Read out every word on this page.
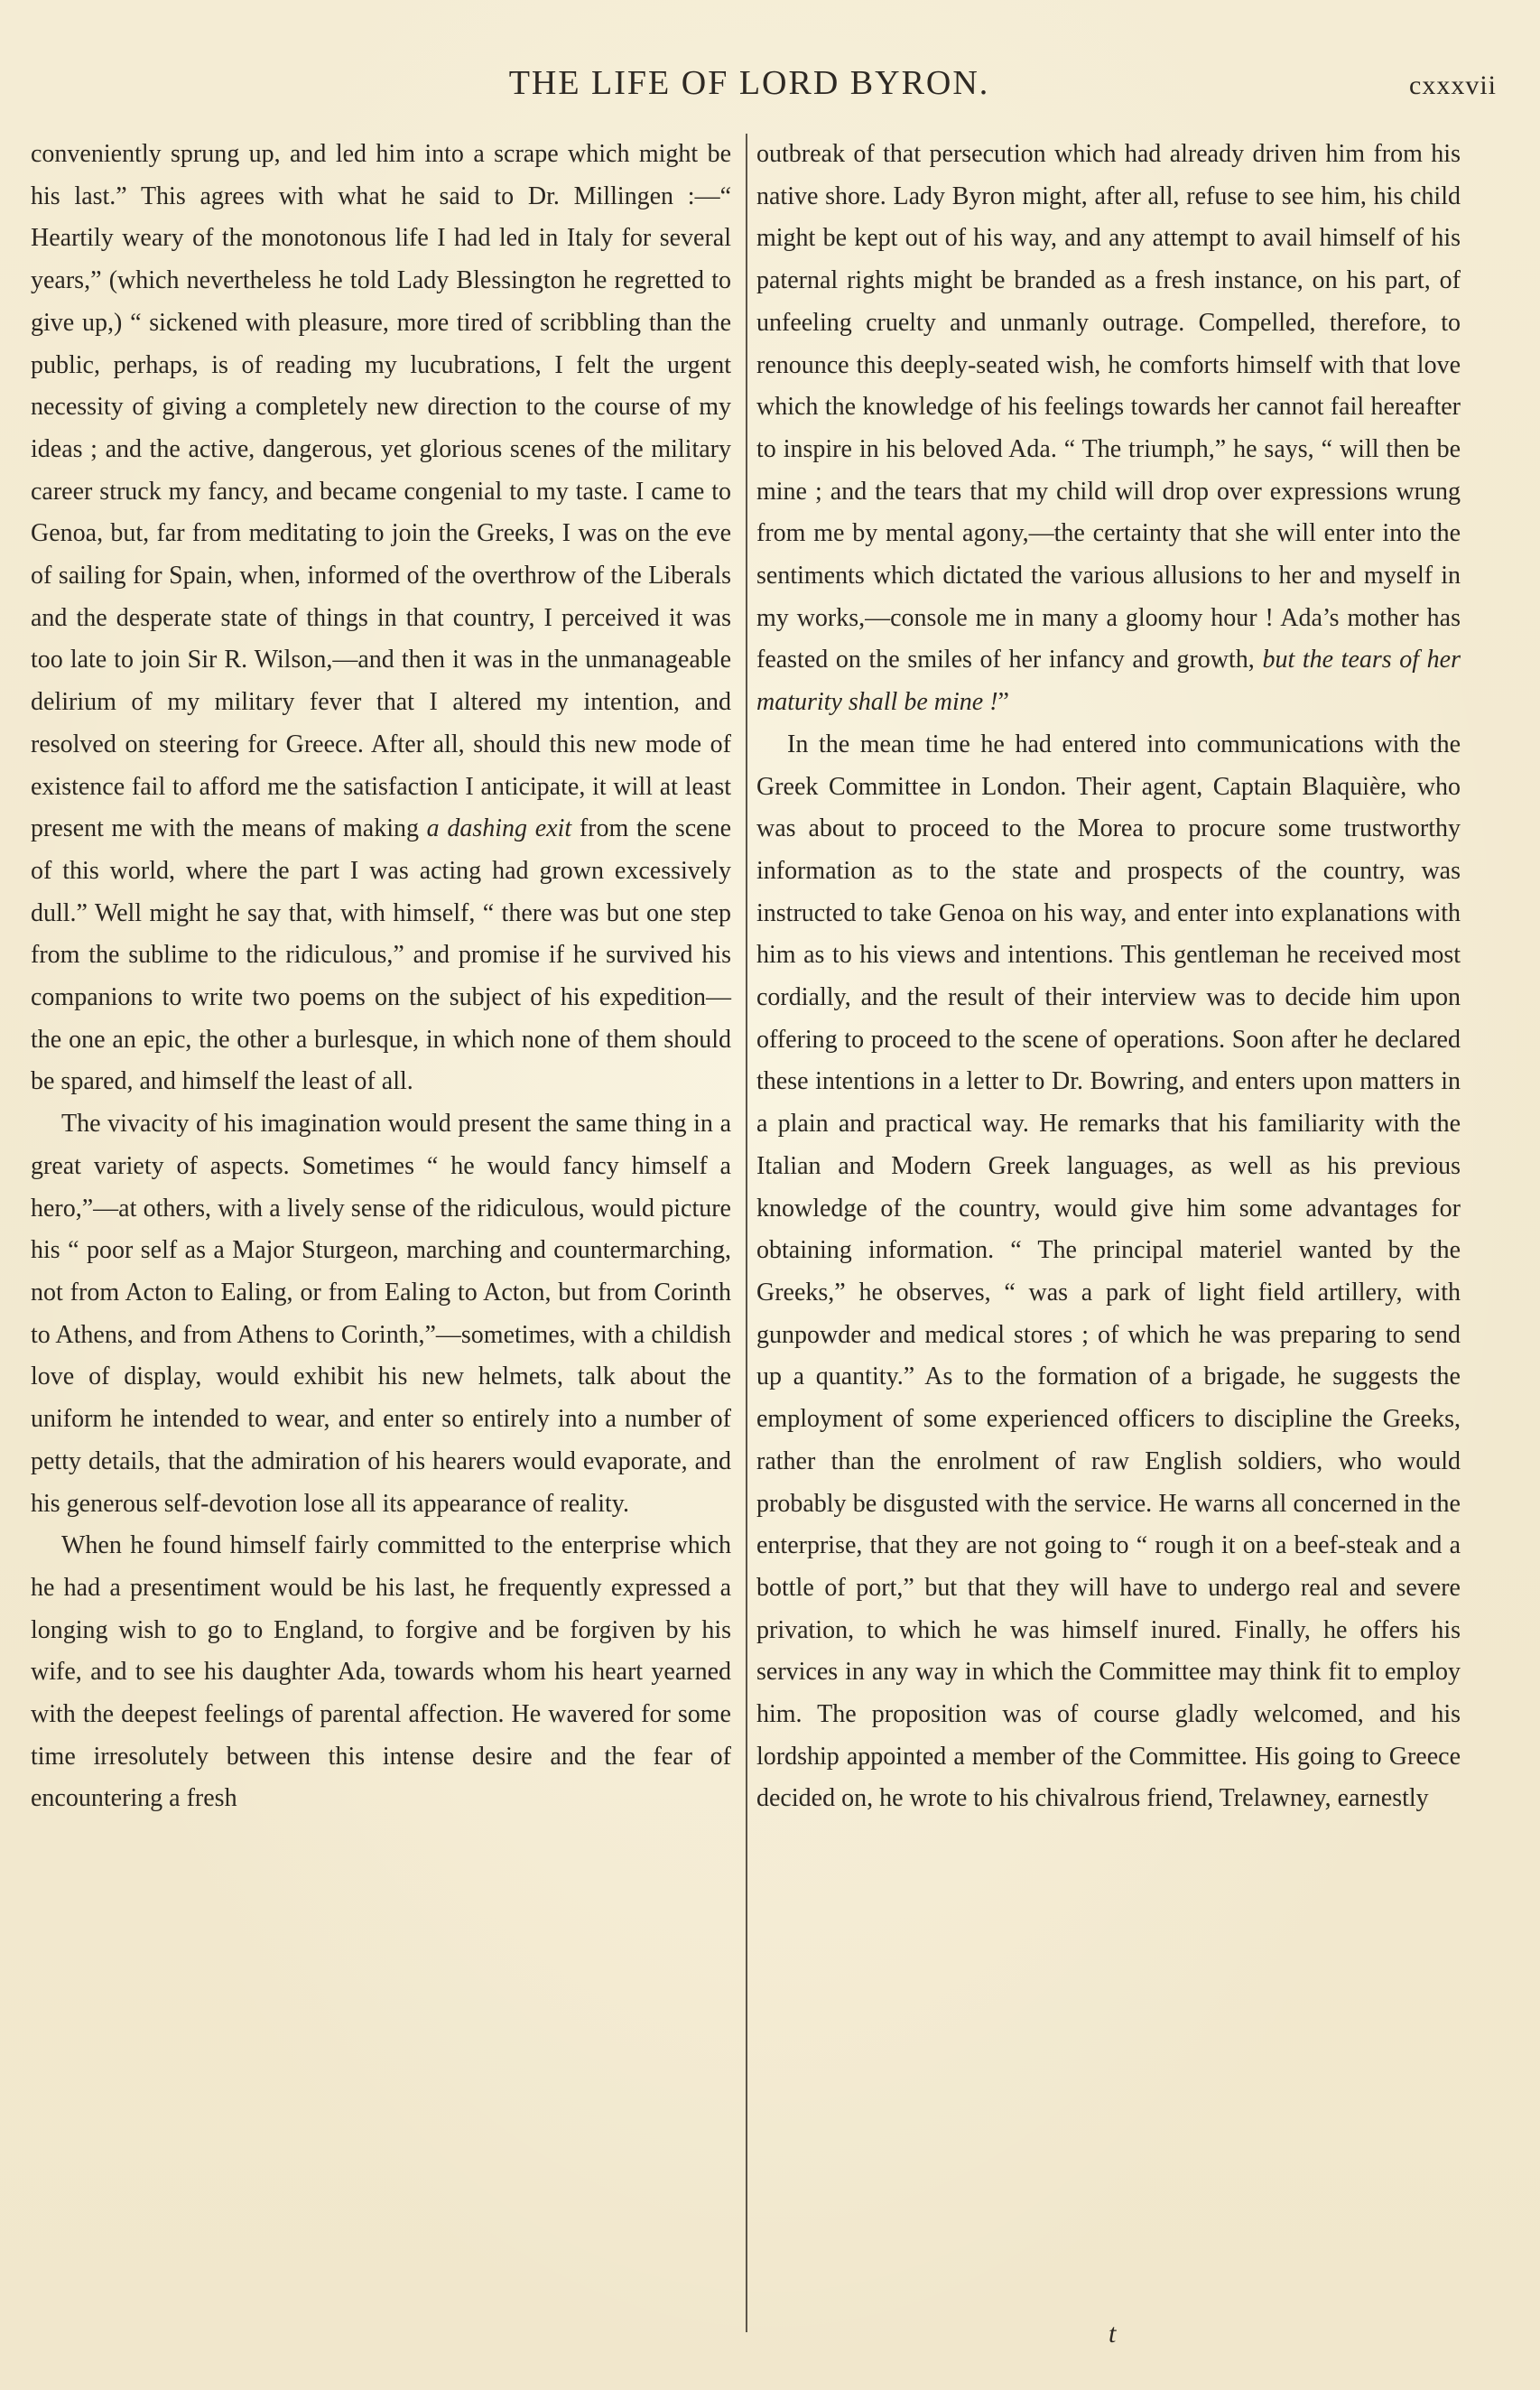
THE LIFE OF LORD BYRON.	cxxxvii

conveniently sprung up, and led him into a scrape which might be his last.” This agrees with what he said to Dr. Millingen :—“ Heartily weary of the monotonous life I had led in Italy for several years,” (which nevertheless he told Lady Blessington he regretted to give up,) “ sickened with pleasure, more tired of scribbling than the public, perhaps, is of reading my lucubrations, I felt the urgent necessity of giving a completely new direction to the course of my ideas ; and the active, dangerous, yet glorious scenes of the military career struck my fancy, and became congenial to my taste. I came to Genoa, but, far from meditating to join the Greeks, I was on the eve of sailing for Spain, when, informed of the overthrow of the Liberals and the desperate state of things in that country, I perceived it was too late to join Sir R. Wilson,—and then it was in the unmanageable delirium of my military fever that I altered my intention, and resolved on steering for Greece. After all, should this new mode of existence fail to afford me the satisfaction I anticipate, it will at least present me with the means of making a dashing exit from the scene of this world, where the part I was acting had grown excessively dull.” Well might he say that, with himself, “ there was but one step from the sublime to the ridiculous,” and promise if he survived his companions to write two poems on the subject of his expedition—the one an epic, the other a burlesque, in which none of them should be spared, and himself the least of all.

The vivacity of his imagination would present the same thing in a great variety of aspects. Sometimes “ he would fancy himself a hero,”—at others, with a lively sense of the ridiculous, would picture his “ poor self as a Major Sturgeon, marching and countermarching, not from Acton to Ealing, or from Ealing to Acton, but from Corinth to Athens, and from Athens to Corinth,”—sometimes, with a childish love of display, would exhibit his new helmets, talk about the uniform he intended to wear, and enter so entirely into a number of petty details, that the admiration of his hearers would evaporate, and his generous self-devotion lose all its appearance of reality.

When he found himself fairly committed to the enterprise which he had a presentiment would be his last, he frequently expressed a longing wish to go to England, to forgive and be forgiven by his wife, and to see his daughter Ada, towards whom his heart yearned with the deepest feelings of parental affection. He wavered for some time irresolutely between this intense desire and the fear of encountering a fresh

outbreak of that persecution which had already driven him from his native shore. Lady Byron might, after all, refuse to see him, his child might be kept out of his way, and any attempt to avail himself of his paternal rights might be branded as a fresh instance, on his part, of unfeeling cruelty and unmanly outrage. Compelled, therefore, to renounce this deeply-seated wish, he comforts himself with that love which the knowledge of his feelings towards her cannot fail hereafter to inspire in his beloved Ada. “ The triumph,” he says, “ will then be mine ; and the tears that my child will drop over expressions wrung from me by mental agony,—the certainty that she will enter into the sentiments which dictated the various allusions to her and myself in my works,—console me in many a gloomy hour ! Ada’s mother has feasted on the smiles of her infancy and growth, but the tears of her maturity shall be mine !”

In the mean time he had entered into communications with the Greek Committee in London. Their agent, Captain Blaquière, who was about to proceed to the Morea to procure some trustworthy information as to the state and prospects of the country, was instructed to take Genoa on his way, and enter into explanations with him as to his views and intentions. This gentleman he received most cordially, and the result of their interview was to decide him upon offering to proceed to the scene of operations. Soon after he declared these intentions in a letter to Dr. Bowring, and enters upon matters in a plain and practical way. He remarks that his familiarity with the Italian and Modern Greek languages, as well as his previous knowledge of the country, would give him some advantages for obtaining information. “ The principal materiel wanted by the Greeks,” he observes, “ was a park of light field artillery, with gunpowder and medical stores ; of which he was preparing to send up a quantity.” As to the formation of a brigade, he suggests the employment of some experienced officers to discipline the Greeks, rather than the enrolment of raw English soldiers, who would probably be disgusted with the service. He warns all concerned in the enterprise, that they are not going to “ rough it on a beef-steak and a bottle of port,” but that they will have to undergo real and severe privation, to which he was himself inured. Finally, he offers his services in any way in which the Committee may think fit to employ him. The proposition was of course gladly welcomed, and his lordship appointed a member of the Committee. His going to Greece decided on, he wrote to his chivalrous friend, Trelawney, earnestly

t
